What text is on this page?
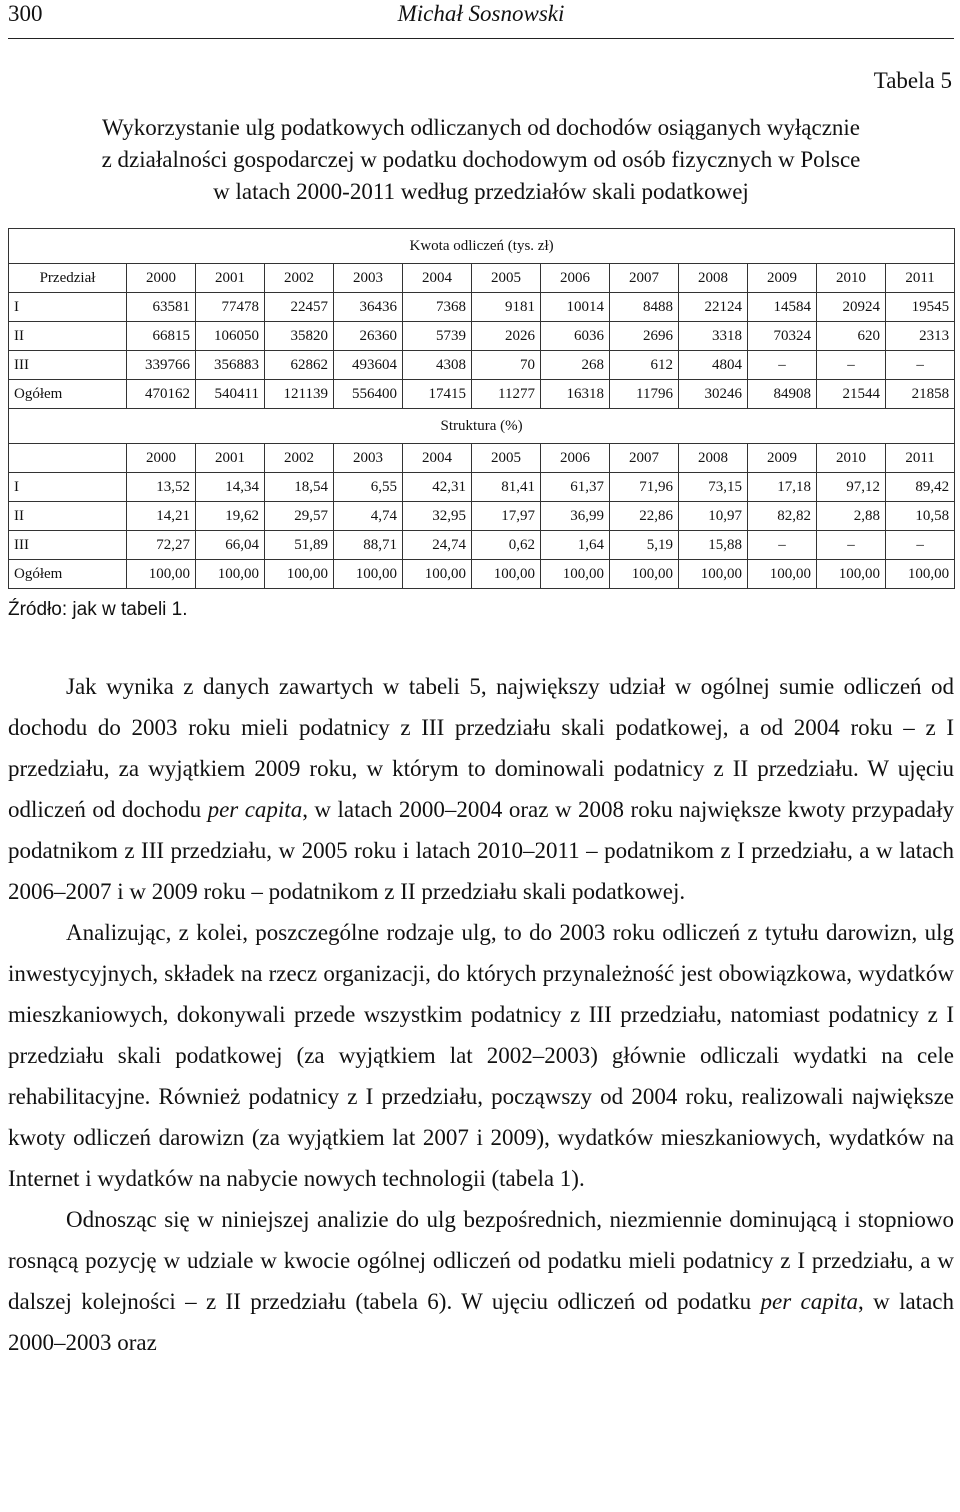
300	Michał Sosnowski
Tabela 5
Wykorzystanie ulg podatkowych odliczanych od dochodów osiąganych wyłącznie
z działalności gospodarczej w podatku dochodowym od osób fizycznych w Polsce
w latach 2000-2011 według przedziałów skali podatkowej
Kwota odliczeń (tys. zł)												
Przedział	2000	2001	2002	2003	2004	2005	2006	2007	2008	2009	2010	2011
I	63581	77478	22457	36436	7368	9181	10014	8488	22124	14584	20924	19545
II	66815	106050	35820	26360	5739	2026	6036	2696	3318	70324	620	2313
III	339766	356883	62862	493604	4308	70	268	612	4804	–	–	–
Ogółem	470162	540411	121139	556400	17415	11277	16318	11796	30246	84908	21544	21858
Struktura (%)												
	2000	2001	2002	2003	2004	2005	2006	2007	2008	2009	2010	2011
I	13,52	14,34	18,54	6,55	42,31	81,41	61,37	71,96	73,15	17,18	97,12	89,42
II	14,21	19,62	29,57	4,74	32,95	17,97	36,99	22,86	10,97	82,82	2,88	10,58
III	72,27	66,04	51,89	88,71	24,74	0,62	1,64	5,19	15,88	–	–	–
Ogółem	100,00	100,00	100,00	100,00	100,00	100,00	100,00	100,00	100,00	100,00	100,00	100,00
Źródło: jak w tabeli 1.

Jak wynika z danych zawartych w tabeli 5, największy udział w ogólnej sumie odliczeń od dochodu do 2003 roku mieli podatnicy z III przedziału skali podatkowej, a od 2004 roku – z I przedziału, za wyjątkiem 2009 roku, w którym to dominowali podatnicy z II przedziału. W ujęciu odliczeń od dochodu per capita, w latach 2000–2004 oraz w 2008 roku największe kwoty przypadały podatnikom z III przedziału, w 2005 roku i latach 2010–2011 – podatnikom z I przedziału, a w latach 2006–2007 i w 2009 roku – podatnikom z II przedziału skali podatkowej.

Analizując, z kolei, poszczególne rodzaje ulg, to do 2003 roku odliczeń z tytułu darowizn, ulg inwestycyjnych, składek na rzecz organizacji, do których przynależność jest obowiązkowa, wydatków mieszkaniowych, dokonywali przede wszystkim podatnicy z III przedziału, natomiast podatnicy z I przedziału skali podatkowej (za wyjątkiem lat 2002–2003) głównie odliczali wydatki na cele rehabilitacyjne. Również podatnicy z I przedziału, począwszy od 2004 roku, realizowali największe kwoty odliczeń darowizn (za wyjątkiem lat 2007 i 2009), wydatków mieszkaniowych, wydatków na Internet i wydatków na nabycie nowych technologii (tabela 1).

Odnosząc się w niniejszej analizie do ulg bezpośrednich, niezmiennie dominującą i stopniowo rosnącą pozycję w udziale w kwocie ogólnej odliczeń od podatku mieli podatnicy z I przedziału, a w dalszej kolejności – z II przedziału (tabela 6). W ujęciu odliczeń od podatku per capita, w latach 2000–2003 oraz
